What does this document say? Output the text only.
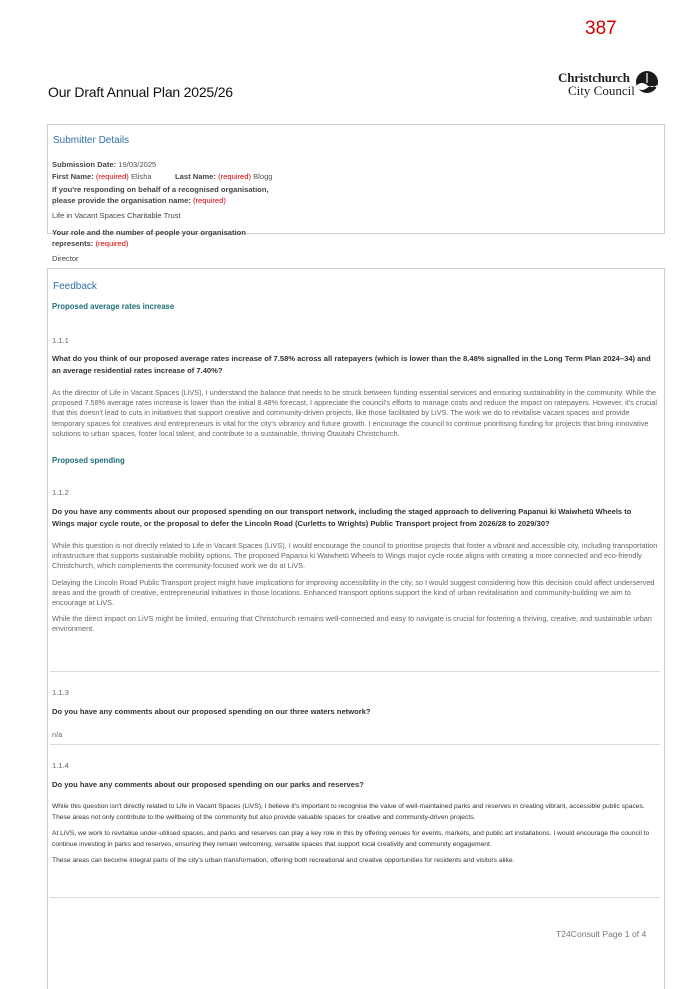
387
Christchurch
City Council
Our Draft Annual Plan 2025/26
Submitter Details
Submission Date: 19/03/2025
First Name: (required) Elisha	Last Name: (required) Blogg
If you're responding on behalf of a recognised organisation,
please provide the organisation name: (required)
Life in Vacant Spaces Charitable Trust
Your role and the number of people your organisation
represents: (required)
Director
Feedback
Proposed average rates increase
1.1.1
What do you think of our proposed average rates increase of 7.58% across all ratepayers (which is lower than the 8.48% signalled in the Long Term Plan 2024–34) and an average residential rates increase of 7.40%?
As the director of Life in Vacant Spaces (LiVS), I understand the balance that needs to be struck between funding essential services and ensuring sustainability in the community. While the proposed 7.58% average rates increase is lower than the initial 8.48% forecast, I appreciate the council's efforts to manage costs and reduce the impact on ratepayers. However, it's crucial that this doesn't lead to cuts in initiatives that support creative and community-driven projects, like those facilitated by LiVS. The work we do to revitalise vacant spaces and provide temporary spaces for creatives and entrepreneurs is vital for the city's vibrancy and future growth. I encourage the council to continue prioritising funding for projects that bring innovative solutions to urban spaces, foster local talent, and contribute to a sustainable, thriving Ōtautahi Christchurch.
Proposed spending
1.1.2
Do you have any comments about our proposed spending on our transport network, including the staged approach to delivering Papanui ki Waiwhetū Wheels to Wings major cycle route, or the proposal to defer the Lincoln Road (Curletts to Wrights) Public Transport project from 2026/28 to 2029/30?

While this question is not directly related to Life in Vacant Spaces (LiVS), I would encourage the council to prioritise projects that foster a vibrant and accessible city, including transportation infrastructure that supports sustainable mobility options. The proposed Papanui ki Waiwhetū Wheels to Wings major cycle route aligns with creating a more connected and eco-friendly Christchurch, which complements the community-focused work we do at LiVS.

Delaying the Lincoln Road Public Transport project might have implications for improving accessibility in the city, so I would suggest considering how this decision could affect underserved areas and the growth of creative, entrepreneurial initiatives in those locations. Enhanced transport options support the kind of urban revitalisation and community-building we aim to encourage at LiVS.

While the direct impact on LiVS might be limited, ensuring that Christchurch remains well-connected and easy to navigate is crucial for fostering a thriving, creative, and sustainable urban environment.

1.1.3
Do you have any comments about our proposed spending on our three waters network?
n/a
1.1.4
Do you have any comments about our proposed spending on our parks and reserves?

While this question isn't directly related to Life in Vacant Spaces (LiVS), I believe it's important to recognise the value of well-maintained parks and reserves in creating vibrant, accessible public spaces. These areas not only contribute to the wellbeing of the community but also provide valuable spaces for creative and community-driven projects.

At LiVS, we work to revitalise under-utilised spaces, and parks and reserves can play a key role in this by offering venues for events, markets, and public art installations. I would encourage the council to continue investing in parks and reserves, ensuring they remain welcoming, versatile spaces that support local creativity and community engagement.

These areas can become integral parts of the city's urban transformation, offering both recreational and creative opportunities for residents and visitors alike.

T24Consult Page 1 of 4
